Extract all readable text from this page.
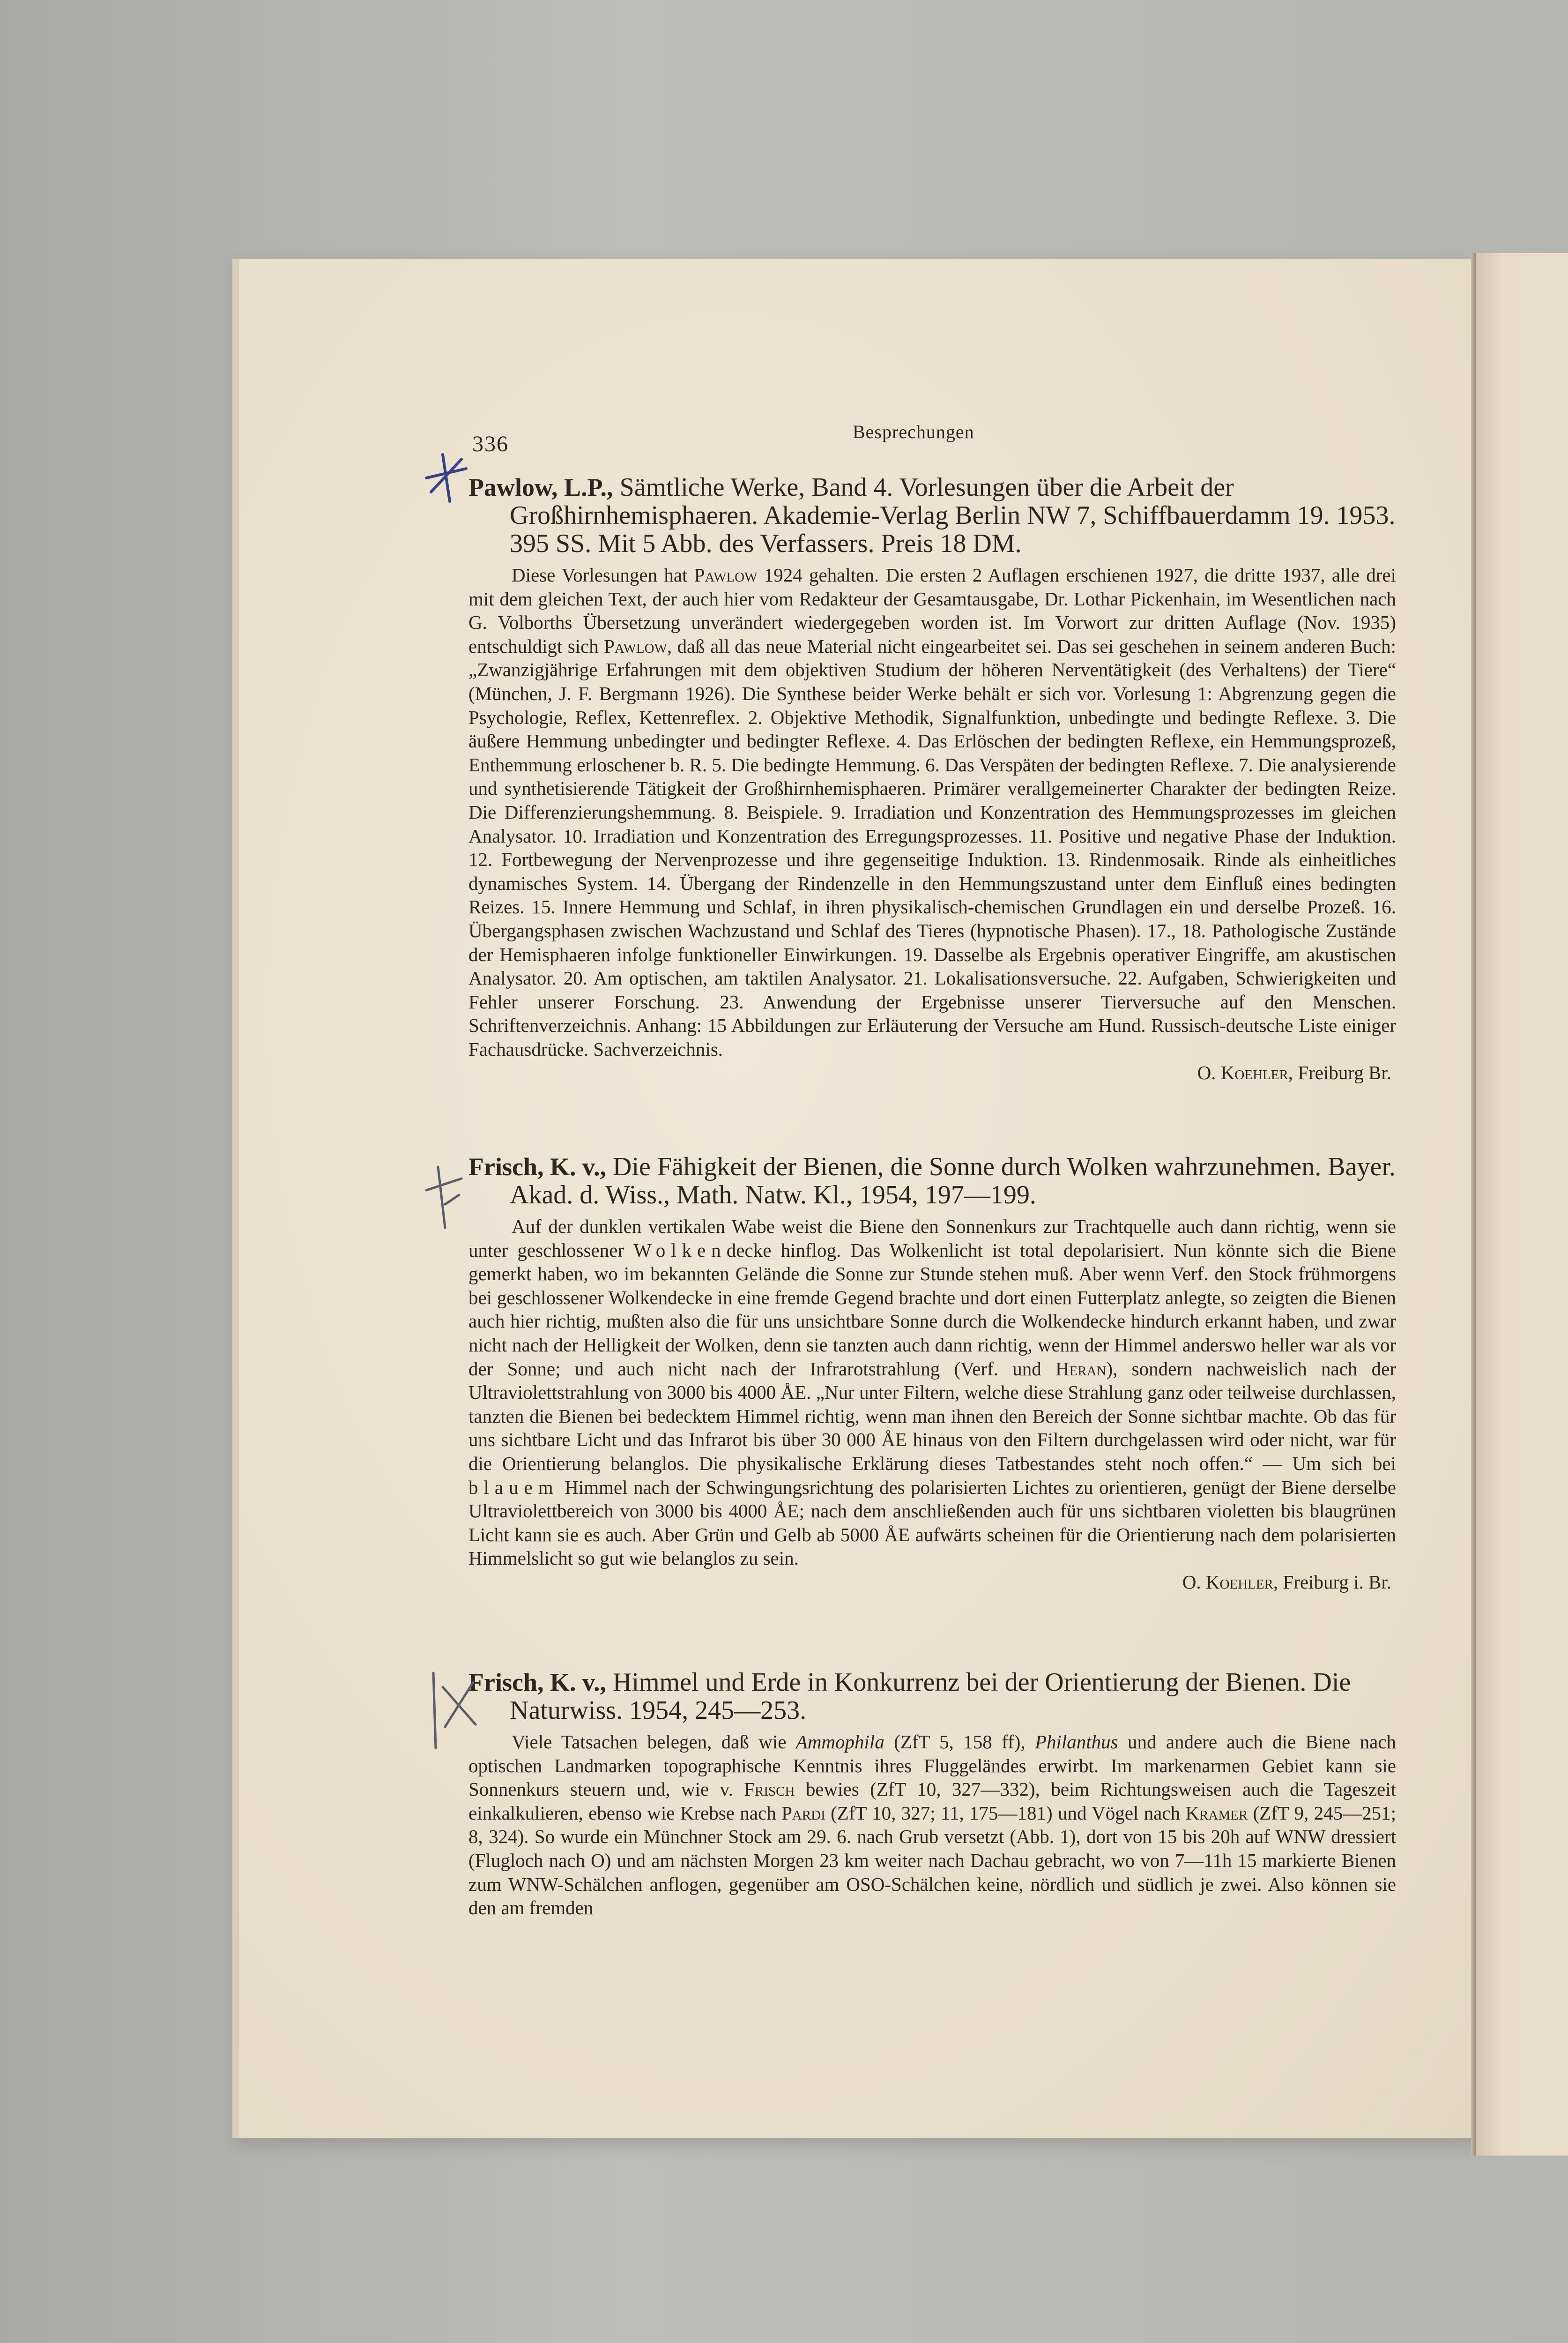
336	Besprechungen

Pawlow, L.P., Sämtliche Werke, Band 4. Vorlesungen über die Arbeit der Großhirnhemisphaeren. Akademie-Verlag Berlin NW 7, Schiffbauerdamm 19. 1953. 395 SS. Mit 5 Abb. des Verfassers. Preis 18 DM.

Diese Vorlesungen hat Pawlow 1924 gehalten. Die ersten 2 Auflagen erschienen 1927, die dritte 1937, alle drei mit dem gleichen Text, der auch hier vom Redakteur der Gesamtausgabe, Dr. Lothar Pickenhain, im Wesentlichen nach G. Volborths Übersetzung unverändert wiedergegeben worden ist. Im Vorwort zur dritten Auflage (Nov. 1935) entschuldigt sich Pawlow, daß all das neue Material nicht eingearbeitet sei. Das sei geschehen in seinem anderen Buch: „Zwanzigjährige Erfahrungen mit dem objektiven Studium der höheren Nerventätigkeit (des Verhaltens) der Tiere“ (München, J. F. Bergmann 1926). Die Synthese beider Werke behält er sich vor. Vorlesung 1: Abgrenzung gegen die Psychologie, Reflex, Kettenreflex. 2. Objektive Methodik, Signalfunktion, unbedingte und bedingte Reflexe. 3. Die äußere Hemmung unbedingter und bedingter Reflexe. 4. Das Erlöschen der bedingten Reflexe, ein Hemmungsprozeß, Enthemmung erloschener b. R. 5. Die bedingte Hemmung. 6. Das Verspäten der bedingten Reflexe. 7. Die analysierende und synthetisierende Tätigkeit der Großhirnhemisphaeren. Primärer verallgemeinerter Charakter der bedingten Reize. Die Differenzierungshemmung. 8. Beispiele. 9. Irradiation und Konzentration des Hemmungsprozesses im gleichen Analysator. 10. Irradiation und Konzentration des Erregungsprozesses. 11. Positive und negative Phase der Induktion. 12. Fortbewegung der Nervenprozesse und ihre gegenseitige Induktion. 13. Rindenmosaik. Rinde als einheitliches dynamisches System. 14. Übergang der Rindenzelle in den Hemmungszustand unter dem Einfluß eines bedingten Reizes. 15. Innere Hemmung und Schlaf, in ihren physikalisch-chemischen Grundlagen ein und derselbe Prozeß. 16. Übergangsphasen zwischen Wachzustand und Schlaf des Tieres (hypnotische Phasen). 17., 18. Pathologische Zustände der Hemisphaeren infolge funktioneller Einwirkungen. 19. Dasselbe als Ergebnis operativer Eingriffe, am akustischen Analysator. 20. Am optischen, am taktilen Analysator. 21. Lokalisationsversuche. 22. Aufgaben, Schwierigkeiten und Fehler unserer Forschung. 23. Anwendung der Ergebnisse unserer Tierversuche auf den Menschen. Schriftenverzeichnis. Anhang: 15 Abbildungen zur Erläuterung der Versuche am Hund. Russisch-deutsche Liste einiger Fachausdrücke. Sachverzeichnis.

O. Koehler, Freiburg Br.

Frisch, K. v., Die Fähigkeit der Bienen, die Sonne durch Wolken wahrzunehmen. Bayer. Akad. d. Wiss., Math. Natw. Kl., 1954, 197—199.

Auf der dunklen vertikalen Wabe weist die Biene den Sonnenkurs zur Trachtquelle auch dann richtig, wenn sie unter geschlossener Wolkendecke hinflog. Das Wolkenlicht ist total depolarisiert. Nun könnte sich die Biene gemerkt haben, wo im bekannten Gelände die Sonne zur Stunde stehen muß. Aber wenn Verf. den Stock frühmorgens bei geschlossener Wolkendecke in eine fremde Gegend brachte und dort einen Futterplatz anlegte, so zeigten die Bienen auch hier richtig, mußten also die für uns unsichtbare Sonne durch die Wolkendecke hindurch erkannt haben, und zwar nicht nach der Helligkeit der Wolken, denn sie tanzten auch dann richtig, wenn der Himmel anderswo heller war als vor der Sonne; und auch nicht nach der Infrarotstrahlung (Verf. und Heran), sondern nachweislich nach der Ultraviolettstrahlung von 3000 bis 4000 ÅE. „Nur unter Filtern, welche diese Strahlung ganz oder teilweise durchlassen, tanzten die Bienen bei bedecktem Himmel richtig, wenn man ihnen den Bereich der Sonne sichtbar machte. Ob das für uns sichtbare Licht und das Infrarot bis über 30 000 ÅE hinaus von den Filtern durchgelassen wird oder nicht, war für die Orientierung belanglos. Die physikalische Erklärung dieses Tatbestandes steht noch offen.“ — Um sich bei blauem Himmel nach der Schwingungsrichtung des polarisierten Lichtes zu orientieren, genügt der Biene derselbe Ultraviolettbereich von 3000 bis 4000 ÅE; nach dem anschließenden auch für uns sichtbaren violetten bis blaugrünen Licht kann sie es auch. Aber Grün und Gelb ab 5000 ÅE aufwärts scheinen für die Orientierung nach dem polarisierten Himmelslicht so gut wie belanglos zu sein.

O. Koehler, Freiburg i. Br.

Frisch, K. v., Himmel und Erde in Konkurrenz bei der Orientierung der Bienen. Die Naturwiss. 1954, 245—253.

Viele Tatsachen belegen, daß wie Ammophila (ZfT 5, 158 ff), Philanthus und andere auch die Biene nach optischen Landmarken topographische Kenntnis ihres Fluggeländes erwirbt. Im markenarmen Gebiet kann sie Sonnenkurs steuern und, wie v. Frisch bewies (ZfT 10, 327—332), beim Richtungsweisen auch die Tageszeit einkalkulieren, ebenso wie Krebse nach Pardi (ZfT 10, 327; 11, 175—181) und Vögel nach Kramer (ZfT 9, 245—251; 8, 324). So wurde ein Münchner Stock am 29. 6. nach Grub versetzt (Abb. 1), dort von 15 bis 20h auf WNW dressiert (Flugloch nach O) und am nächsten Morgen 23 km weiter nach Dachau gebracht, wo von 7—11h 15 markierte Bienen zum WNW-Schälchen anflogen, gegenüber am OSO-Schälchen keine, nördlich und südlich je zwei. Also können sie den am fremden
